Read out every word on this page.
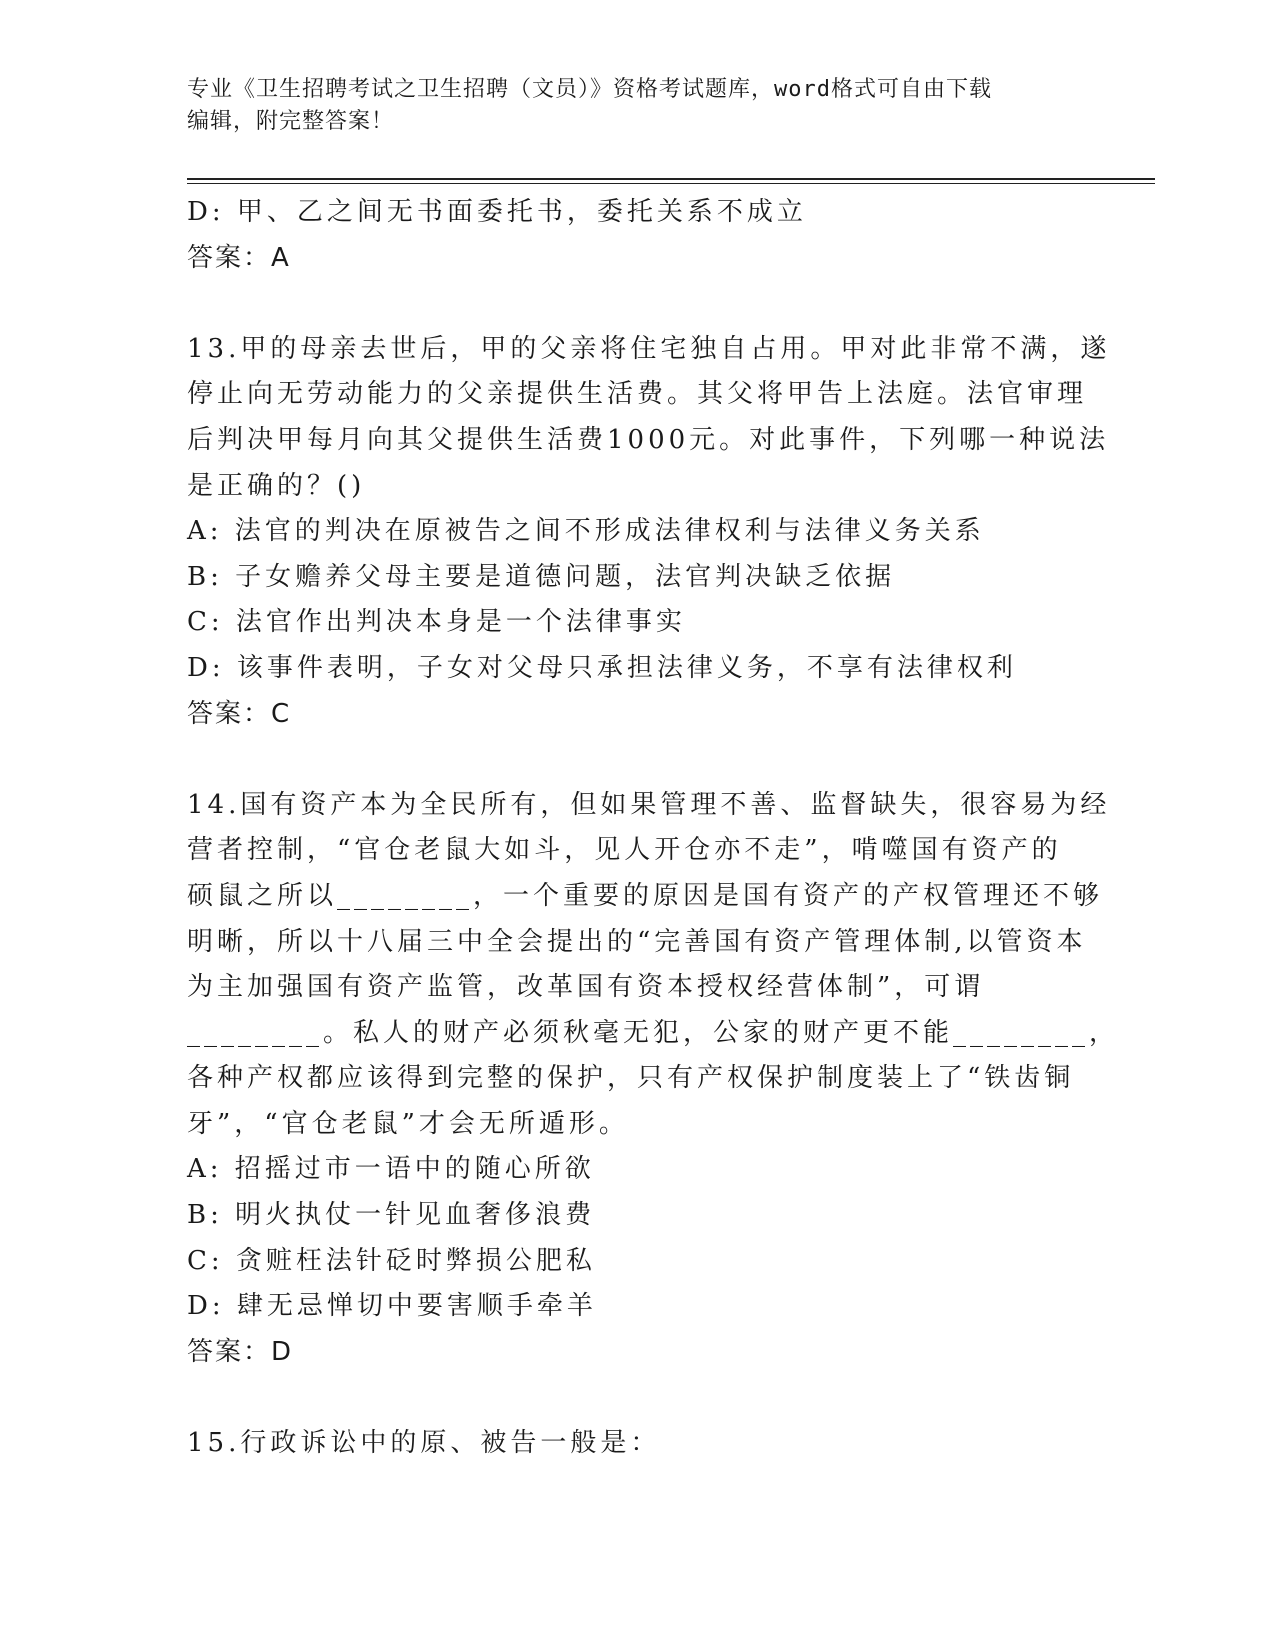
专业《卫生招聘考试之卫生招聘（文员）》资格考试题库，word格式可自由下载
编辑，附完整答案！
D: 甲、乙之间无书面委托书，委托关系不成立
答案：A
13.甲的母亲去世后，甲的父亲将住宅独自占用。甲对此非常不满，遂
停止向无劳动能力的父亲提供生活费。其父将甲告上法庭。法官审理
后判决甲每月向其父提供生活费1000元。对此事件，下列哪一种说法
是正确的？()
A: 法官的判决在原被告之间不形成法律权利与法律义务关系
B: 子女赡养父母主要是道德问题，法官判决缺乏依据
C: 法官作出判决本身是一个法律事实
D: 该事件表明，子女对父母只承担法律义务，不享有法律权利
答案：C
14.国有资产本为全民所有，但如果管理不善、监督缺失，很容易为经
营者控制，“官仓老鼠大如斗，见人开仓亦不走”，啃噬国有资产的
硕鼠之所以________，一个重要的原因是国有资产的产权管理还不够
明晰，所以十八届三中全会提出的“完善国有资产管理体制,以管资本
为主加强国有资产监管，改革国有资本授权经营体制”，可谓
________。私人的财产必须秋毫无犯，公家的财产更不能________，
各种产权都应该得到完整的保护，只有产权保护制度装上了“铁齿铜
牙”，“官仓老鼠”才会无所遁形。
A: 招摇过市一语中的随心所欲
B: 明火执仗一针见血奢侈浪费
C: 贪赃枉法针砭时弊损公肥私
D: 肆无忌惮切中要害顺手牵羊
答案：D
15.行政诉讼中的原、被告一般是：
